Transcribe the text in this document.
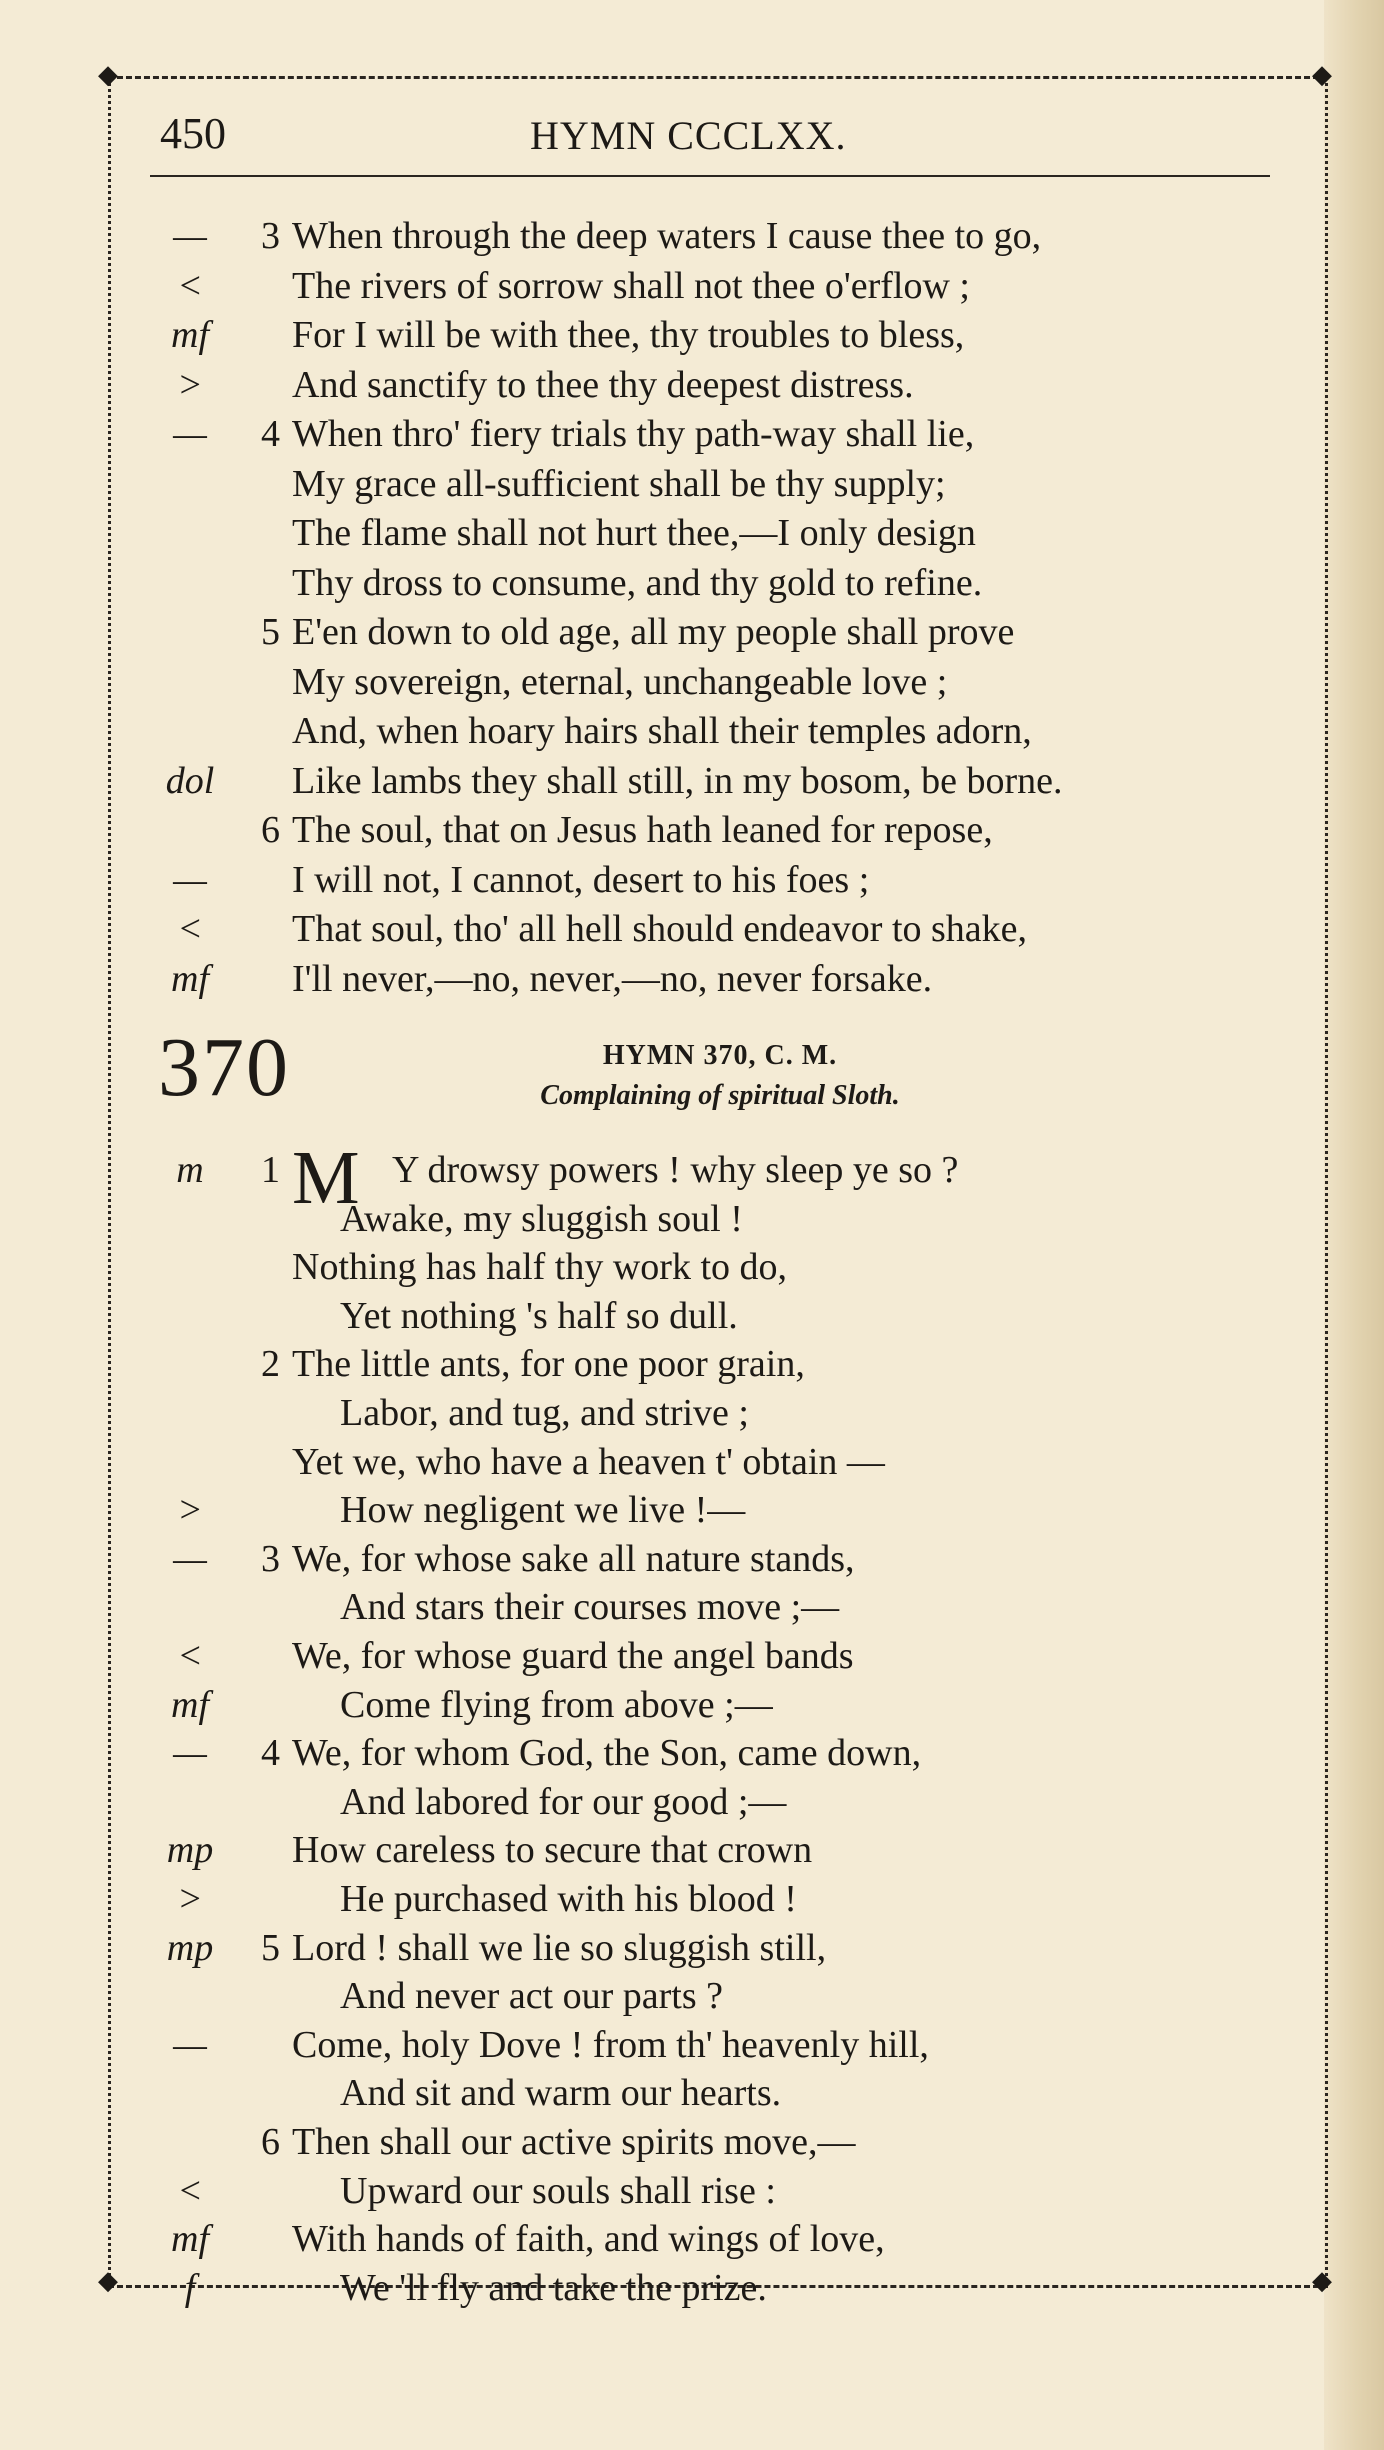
◆	◆
◆	◆
450	HYMN CCCLXX.
—	3 When through the deep waters I cause thee to go,
<	The rivers of sorrow shall not thee o'erflow ;
mf For I will be with thee, thy troubles to bless,
>	And sanctify to thee thy deepest distress.
—	4 When thro' fiery trials thy path-way shall lie,
My grace all-sufficient shall be thy supply;
The flame shall not hurt thee,—I only design
Thy dross to consume, and thy gold to refine.
5 E'en down to old age, all my people shall prove
My sovereign, eternal, unchangeable love ;
And, when hoary hairs shall their temples adorn,
dol Like lambs they shall still, in my bosom, be borne.
6 The soul, that on Jesus hath leaned for repose,
—	I will not, I cannot, desert to his foes ;
<	That soul, tho' all hell should endeavor to shake,
mf I'll never,—no, never,—no, never forsake.
370	HYMN 370, C. M.
Complaining of spiritual Sloth.
M
m	1	Y drowsy powers ! why sleep ye so ?
Awake, my sluggish soul !
Nothing has half thy work to do,
Yet nothing 's half so dull.
2 The little ants, for one poor grain,
Labor, and tug, and strive ;
Yet we, who have a heaven t' obtain —
>	How negligent we live !—
—	3 We, for whose sake all nature stands,
And stars their courses move ;—
<	We, for whose guard the angel bands
mf	Come flying from above ;—
—	4 We, for whom God, the Son, came down,
And labored for our good ;—
mp How careless to secure that crown
>	He purchased with his blood !
mp	5 Lord ! shall we lie so sluggish still,
And never act our parts ?
—	Come, holy Dove ! from th' heavenly hill,
And sit and warm our hearts.
6 Then shall our active spirits move,—
<	Upward our souls shall rise :
mf With hands of faith, and wings of love,
f	We 'll fly and take the prize.
